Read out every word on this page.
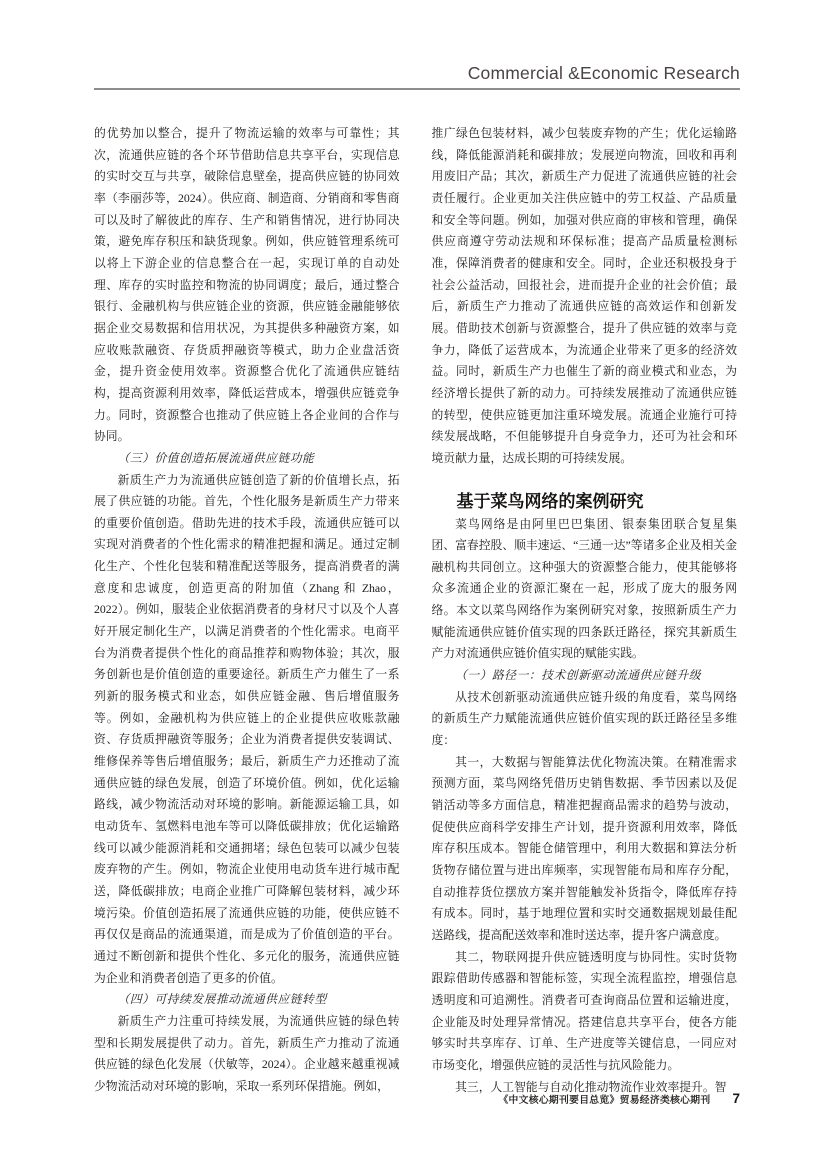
Commercial &Economic Research

的优势加以整合，提升了物流运输的效率与可靠性；其次，流通供应链的各个环节借助信息共享平台，实现信息的实时交互与共享，破除信息壁垒，提高供应链的协同效率（李丽莎等，2024）。供应商、制造商、分销商和零售商可以及时了解彼此的库存、生产和销售情况，进行协同决策，避免库存积压和缺货现象。例如，供应链管理系统可以将上下游企业的信息整合在一起，实现订单的自动处理、库存的实时监控和物流的协同调度；最后，通过整合银行、金融机构与供应链企业的资源，供应链金融能够依据企业交易数据和信用状况，为其提供多种融资方案，如应收账款融资、存货质押融资等模式，助力企业盘活资金，提升资金使用效率。资源整合优化了流通供应链结构，提高资源利用效率，降低运营成本，增强供应链竞争力。同时，资源整合也推动了供应链上各企业间的合作与协同。

（三）价值创造拓展流通供应链功能

新质生产力为流通供应链创造了新的价值增长点，拓展了供应链的功能。首先，个性化服务是新质生产力带来的重要价值创造。借助先进的技术手段，流通供应链可以实现对消费者的个性化需求的精准把握和满足。通过定制化生产、个性化包装和精准配送等服务，提高消费者的满意度和忠诚度，创造更高的附加值（Zhang 和 Zhao，2022）。例如，服装企业依据消费者的身材尺寸以及个人喜好开展定制化生产，以满足消费者的个性化需求。电商平台为消费者提供个性化的商品推荐和购物体验；其次，服务创新也是价值创造的重要途径。新质生产力催生了一系列新的服务模式和业态，如供应链金融、售后增值服务等。例如，金融机构为供应链上的企业提供应收账款融资、存货质押融资等服务；企业为消费者提供安装调试、维修保养等售后增值服务；最后，新质生产力还推动了流通供应链的绿色发展，创造了环境价值。例如，优化运输路线，减少物流活动对环境的影响。新能源运输工具，如电动货车、氢燃料电池车等可以降低碳排放；优化运输路线可以减少能源消耗和交通拥堵；绿色包装可以减少包装废弃物的产生。例如，物流企业使用电动货车进行城市配送，降低碳排放；电商企业推广可降解包装材料，减少环境污染。价值创造拓展了流通供应链的功能，使供应链不再仅仅是商品的流通渠道，而是成为了价值创造的平台。通过不断创新和提供个性化、多元化的服务，流通供应链为企业和消费者创造了更多的价值。

（四）可持续发展推动流通供应链转型

新质生产力注重可持续发展，为流通供应链的绿色转型和长期发展提供了动力。首先，新质生产力推动了流通供应链的绿色化发展（伏敏等，2024）。企业越来越重视减少物流活动对环境的影响，采取一系列环保措施。例如，

推广绿色包装材料，减少包装废弃物的产生；优化运输路线，降低能源消耗和碳排放；发展逆向物流，回收和再利用废旧产品；其次，新质生产力促进了流通供应链的社会责任履行。企业更加关注供应链中的劳工权益、产品质量和安全等问题。例如，加强对供应商的审核和管理，确保供应商遵守劳动法规和环保标准；提高产品质量检测标准，保障消费者的健康和安全。同时，企业还积极投身于社会公益活动，回报社会，进而提升企业的社会价值；最后，新质生产力推动了流通供应链的高效运作和创新发展。借助技术创新与资源整合，提升了供应链的效率与竞争力，降低了运营成本，为流通企业带来了更多的经济效益。同时，新质生产力也催生了新的商业模式和业态，为经济增长提供了新的动力。可持续发展推动了流通供应链的转型，使供应链更加注重环境发展。流通企业施行可持续发展战略，不但能够提升自身竞争力，还可为社会和环境贡献力量，达成长期的可持续发展。

基于菜鸟网络的案例研究

菜鸟网络是由阿里巴巴集团、银泰集团联合复星集团、富春控股、顺丰速运、“三通一达”等诸多企业及相关金融机构共同创立。这种强大的资源整合能力，使其能够将众多流通企业的资源汇聚在一起，形成了庞大的服务网络。本文以菜鸟网络作为案例研究对象，按照新质生产力赋能流通供应链价值实现的四条跃迁路径，探究其新质生产力对流通供应链价值实现的赋能实践。

（一）路径一：技术创新驱动流通供应链升级

从技术创新驱动流通供应链升级的角度看，菜鸟网络的新质生产力赋能流通供应链价值实现的跃迁路径呈多维度：

其一，大数据与智能算法优化物流决策。在精准需求预测方面，菜鸟网络凭借历史销售数据、季节因素以及促销活动等多方面信息，精准把握商品需求的趋势与波动，促使供应商科学安排生产计划，提升资源利用效率，降低库存积压成本。智能仓储管理中，利用大数据和算法分析货物存储位置与进出库频率，实现智能布局和库存分配，自动推荐货位摆放方案并智能触发补货指令，降低库存持有成本。同时，基于地理位置和实时交通数据规划最佳配送路线，提高配送效率和准时送达率，提升客户满意度。

其二，物联网提升供应链透明度与协同性。实时货物跟踪借助传感器和智能标签，实现全流程监控，增强信息透明度和可追溯性。消费者可查询商品位置和运输进度，企业能及时处理异常情况。搭建信息共享平台，使各方能够实时共享库存、订单、生产进度等关键信息，一同应对市场变化，增强供应链的灵活性与抗风险能力。

其三，人工智能与自动化推动物流作业效率提升。智

《中文核心期刊要目总览》贸易经济类核心期刊 7
